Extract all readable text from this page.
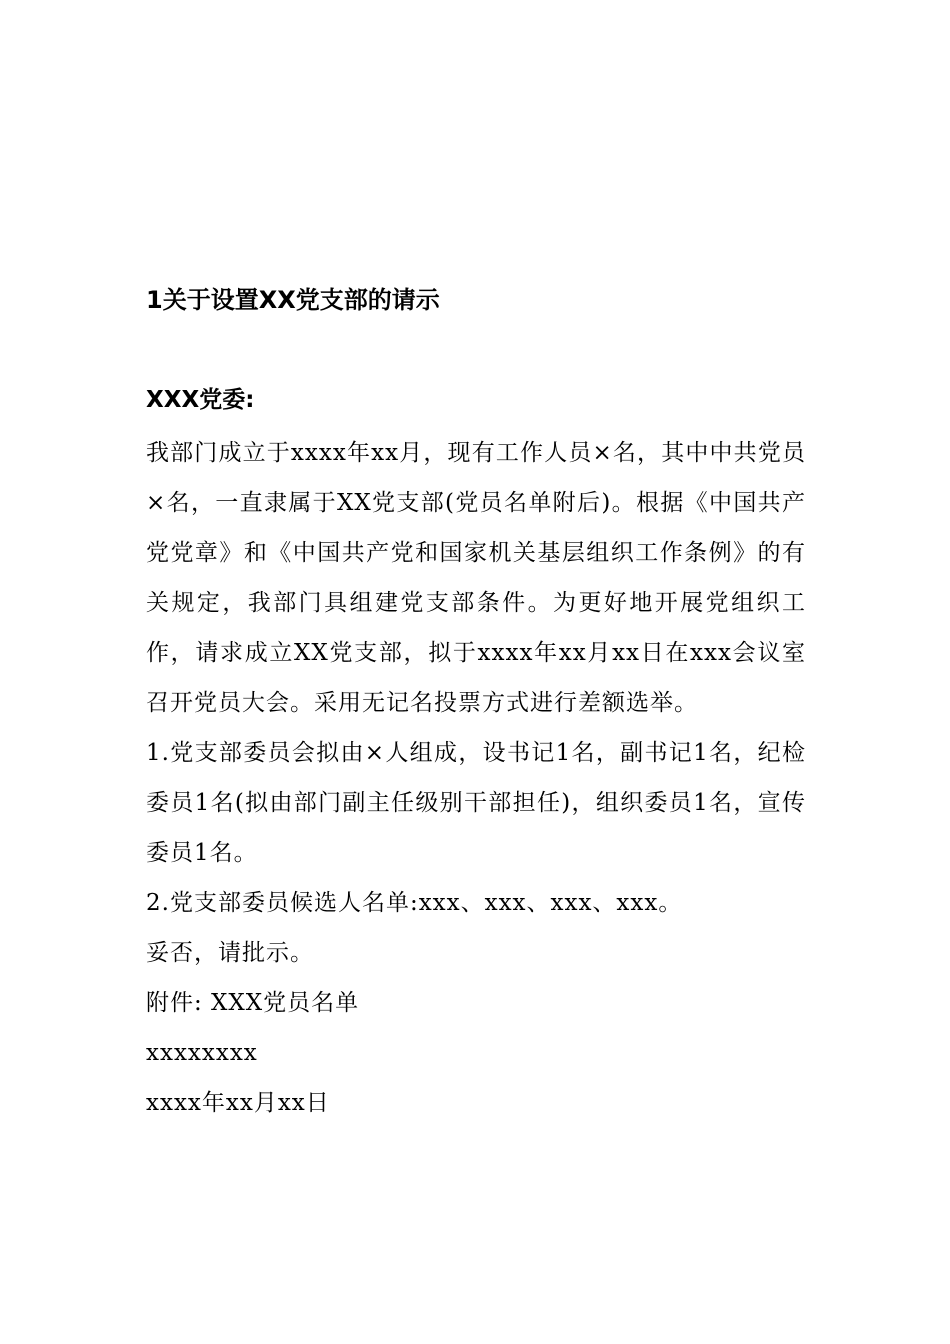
1关于设置XX党支部的请示
XXX党委:

我部门成立于xxxx年xx月，现有工作人员×名，其中中共党员×名，一直隶属于XX党支部(党员名单附后)。根据《中国共产党党章》和《中国共产党和国家机关基层组织工作条例》的有关规定，我部门具组建党支部条件。为更好地开展党组织工作，请求成立XX党支部，拟于xxxx年xx月xx日在xxx会议室召开党员大会。采用无记名投票方式进行差额选举。

1.党支部委员会拟由×人组成，设书记1名，副书记1名，纪检委员1名(拟由部门副主任级别干部担任)，组织委员1名，宣传委员1名。

2.党支部委员候选人名单:xxx、xxx、xxx、xxx。
妥否，请批示。
附件: XXX党员名单
xxxxxxxx
xxxx年xx月xx日
